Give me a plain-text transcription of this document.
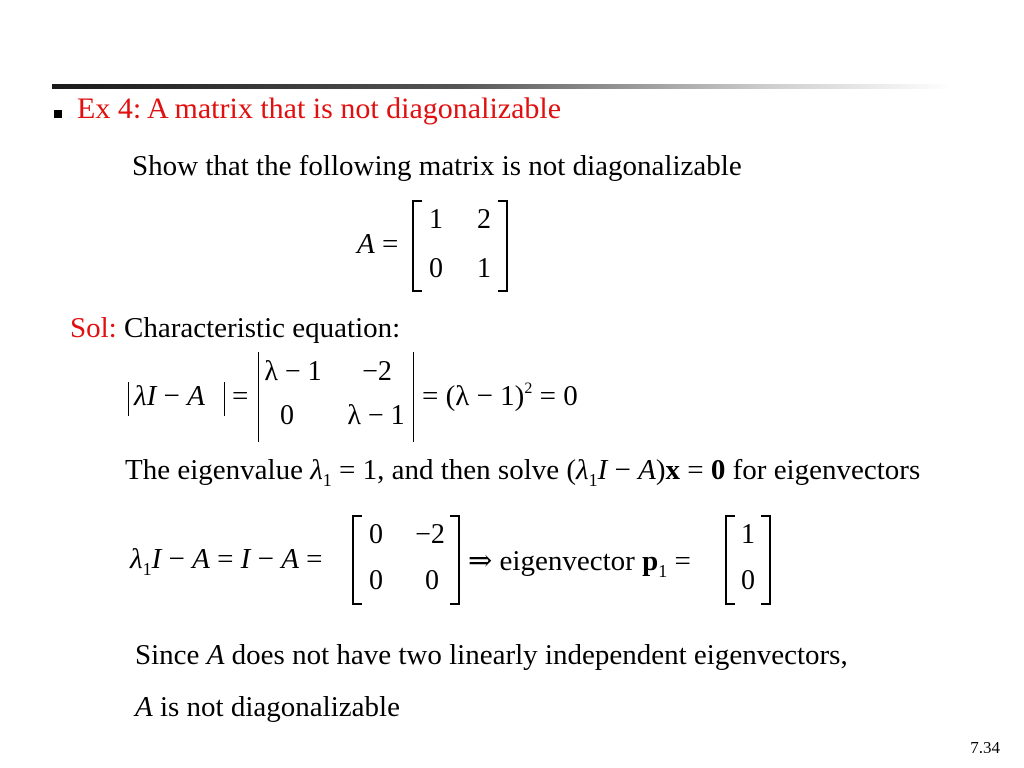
Ex 4: A matrix that is not diagonalizable
Show that the following matrix is not diagonalizable
A =
1 2
0 1
Sol: Characteristic equation:
λI − A =
λ − 1 −2
0 λ − 1
= $(\lambda - 1)^2 = 0$
The eigenvalue $\lambda_1 = 1$, and then solve $(\lambda_1I - A)x = 0$ for eigenvectors
$\lambda_1I - A = I - A$ =
0 −2
0 0
⇒ eigenvector $p_1$ =
1
0
Since A does not have two linearly independent eigenvectors,
A is not diagonalizable
7.34
